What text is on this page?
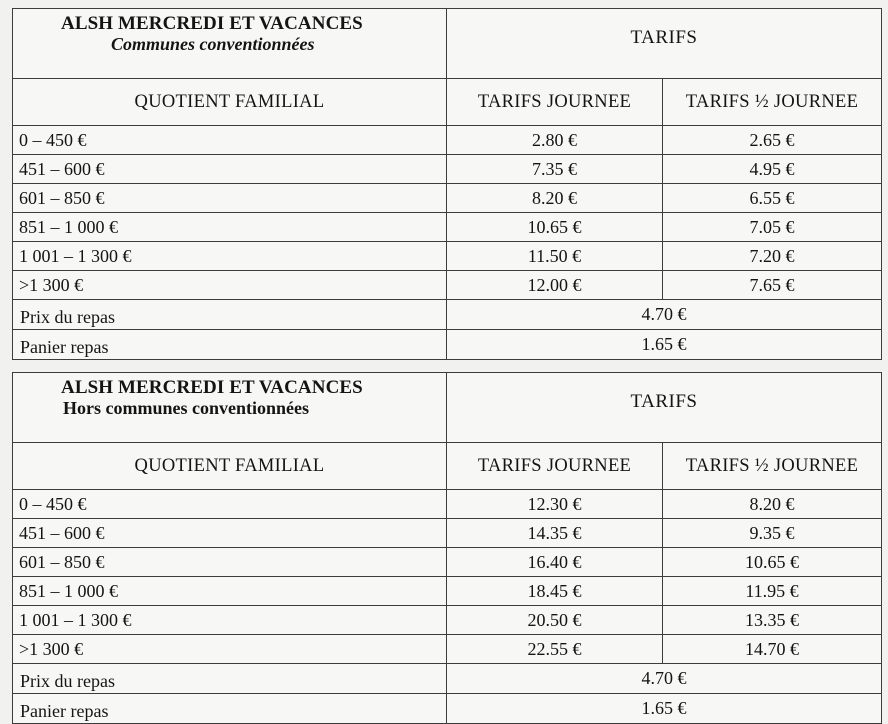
ALSH MERCREDI ET VACANCES
Communes conventionnées	TARIFS	
QUOTIENT FAMILIAL	TARIFS JOURNEE	TARIFS ½ JOURNEE
0 – 450 €	2.80 €	2.65 €
451 – 600 €	7.35 €	4.95 €
601 – 850 €	8.20 €	6.55 €
851 – 1 000 €	10.65 €	7.05 €
1 001 – 1 300 €	11.50 €	7.20 €
>1 300 €	12.00 €	7.65 €
Prix du repas	4.70 €	
Panier repas	1.65 €	
ALSH MERCREDI ET VACANCES
Hors communes conventionnées	TARIFS	
QUOTIENT FAMILIAL	TARIFS JOURNEE	TARIFS ½ JOURNEE
0 – 450 €	12.30 €	8.20 €
451 – 600 €	14.35 €	9.35 €
601 – 850 €	16.40 €	10.65 €
851 – 1 000 €	18.45 €	11.95 €
1 001 – 1 300 €	20.50 €	13.35 €
>1 300 €	22.55 €	14.70 €
Prix du repas	4.70 €	
Panier repas	1.65 €	
